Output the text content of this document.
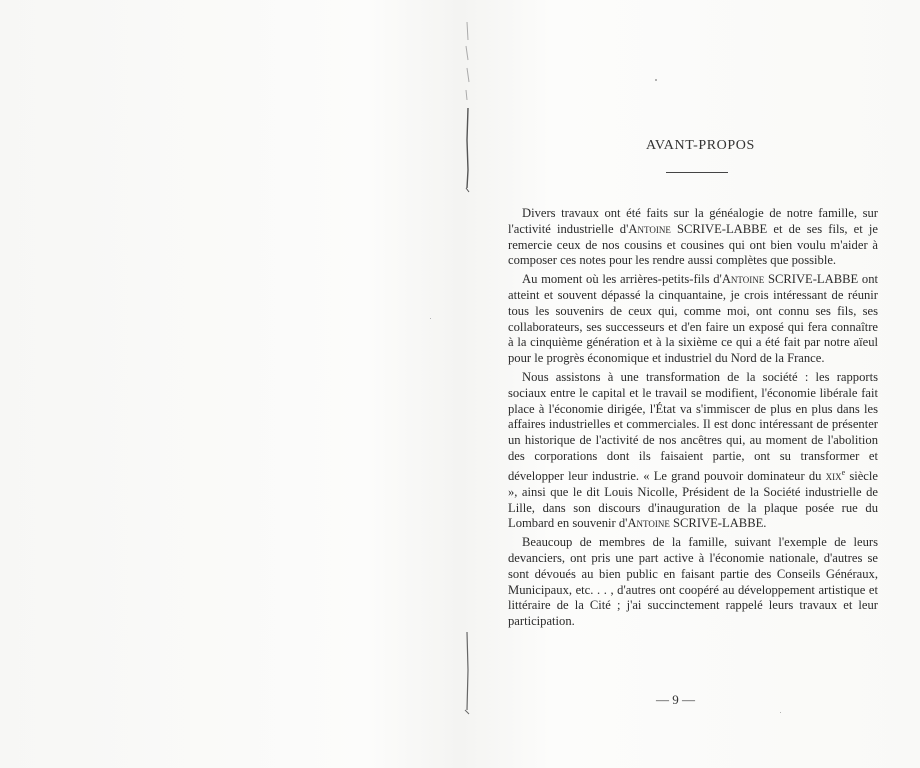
AVANT-PROPOS

Divers travaux ont été faits sur la généalogie de notre famille, sur l'activité industrielle d'Antoine SCRIVE-LABBE et de ses fils, et je remercie ceux de nos cousins et cousines qui ont bien voulu m'aider à composer ces notes pour les rendre aussi complètes que possible.

Au moment où les arrières-petits-fils d'Antoine SCRIVE-LABBE ont atteint et souvent dépassé la cinquantaine, je crois intéressant de réunir tous les souvenirs de ceux qui, comme moi, ont connu ses fils, ses collaborateurs, ses successeurs et d'en faire un exposé qui fera connaître à la cinquième génération et à la sixième ce qui a été fait par notre aïeul pour le progrès économique et industriel du Nord de la France.

Nous assistons à une transformation de la société : les rapports sociaux entre le capital et le travail se modifient, l'économie libérale fait place à l'économie dirigée, l'État va s'immiscer de plus en plus dans les affaires industrielles et commerciales. Il est donc intéressant de présenter un historique de l'activité de nos ancêtres qui, au moment de l'abolition des corporations dont ils faisaient partie, ont su transformer et développer leur industrie. « Le grand pouvoir dominateur du xix$^e$ siècle », ainsi que le dit Louis Nicolle, Président de la Société industrielle de Lille, dans son discours d'inauguration de la plaque posée rue du Lombard en souvenir d'Antoine SCRIVE-LABBE.

Beaucoup de membres de la famille, suivant l'exemple de leurs devanciers, ont pris une part active à l'économie nationale, d'autres se sont dévoués au bien public en faisant partie des Conseils Généraux, Municipaux, etc. . . , d'autres ont coopéré au développement artistique et littéraire de la Cité ; j'ai succinctement rappelé leurs travaux et leur participation.

— 9 —
